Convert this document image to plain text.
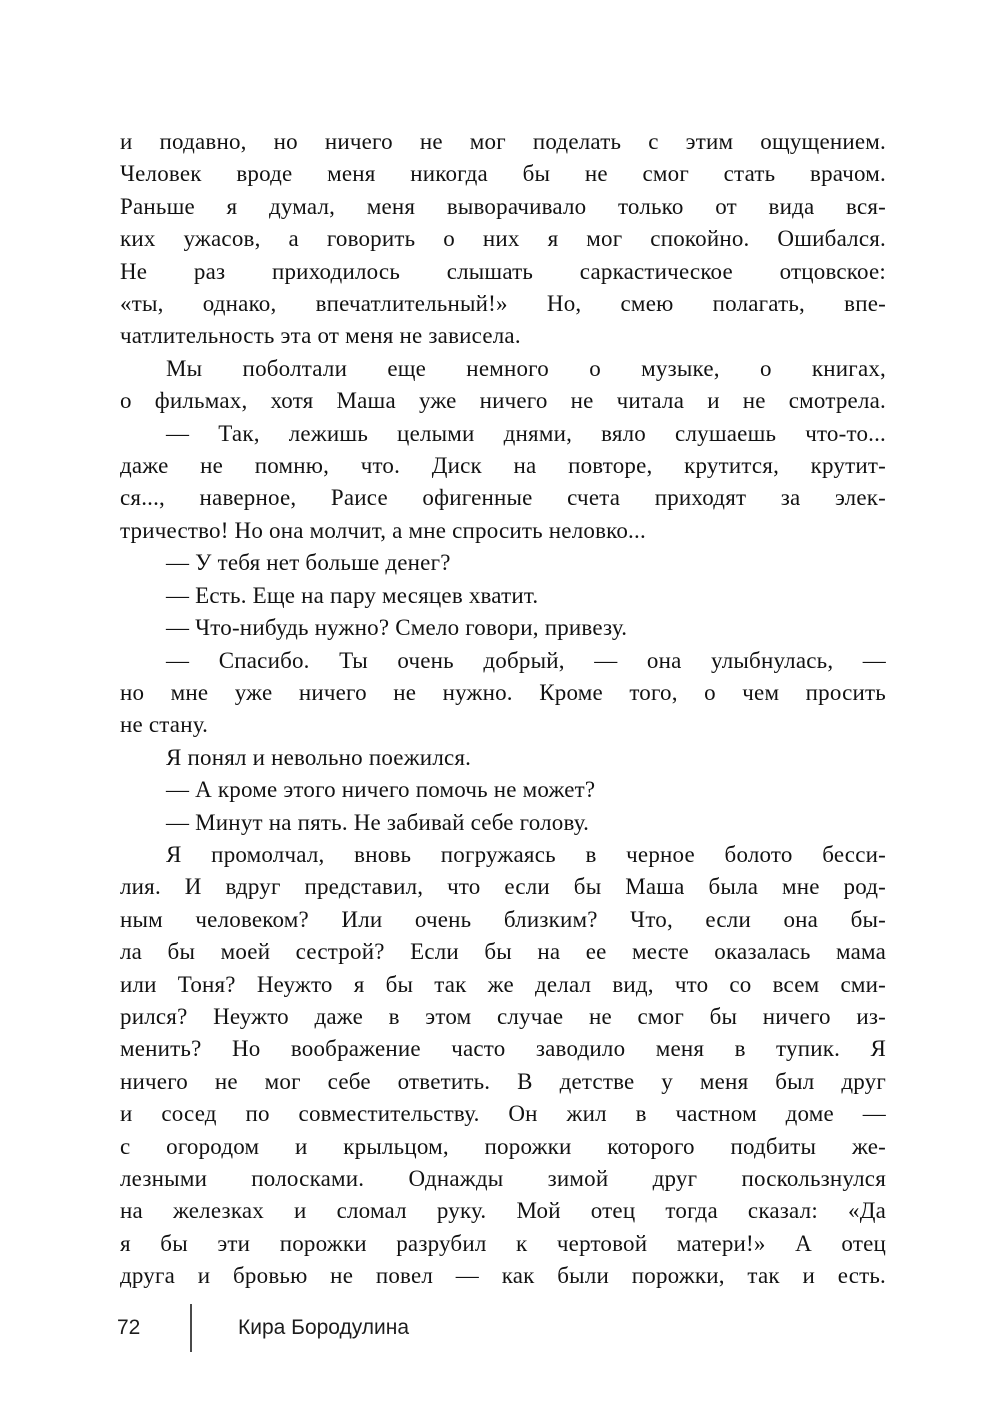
и подавно, но ничего не мог поделать с этим ощущением.
Человек вроде меня никогда бы не смог стать врачом.
Раньше я думал, меня выворачивало только от вида вся-
ких ужасов, а говорить о них я мог спокойно. Ошибался.
Не раз приходилось слышать саркастическое отцовское:
«ты, однако, впечатлительный!» Но, смею полагать, впе-
чатлительность эта от меня не зависела.

Мы поболтали еще немного о музыке, о книгах,
о фильмах, хотя Маша уже ничего не читала и не смотрела.

— Так, лежишь целыми днями, вяло слушаешь что-то...
даже не помню, что. Диск на повторе, крутится, крутит-
ся..., наверное, Раисе офигенные счета приходят за элек-
тричество! Но она молчит, а мне спросить неловко...

— У тебя нет больше денег?

— Есть. Еще на пару месяцев хватит.

— Что-нибудь нужно? Смело говори, привезу.

— Спасибо. Ты очень добрый, — она улыбнулась, —
но мне уже ничего не нужно. Кроме того, о чем просить
не стану.

Я понял и невольно поежился.

— А кроме этого ничего помочь не может?

— Минут на пять. Не забивай себе голову.

Я промолчал, вновь погружаясь в черное болото бесси-
лия. И вдруг представил, что если бы Маша была мне род-
ным человеком? Или очень близким? Что, если она бы-
ла бы моей сестрой? Если бы на ее месте оказалась мама
или Тоня? Неужто я бы так же делал вид, что со всем сми-
рился? Неужто даже в этом случае не смог бы ничего из-
менить? Но воображение часто заводило меня в тупик. Я
ничего не мог себе ответить. В детстве у меня был друг
и сосед по совместительству. Он жил в частном доме —
с огородом и крыльцом, порожки которого подбиты же-
лезными полосками. Однажды зимой друг поскользнулся
на железках и сломал руку. Мой отец тогда сказал: «Да
я бы эти порожки разрубил к чертовой матери!» А отец
друга и бровью не повел — как были порожки, так и есть.

72	Кира Бородулина
